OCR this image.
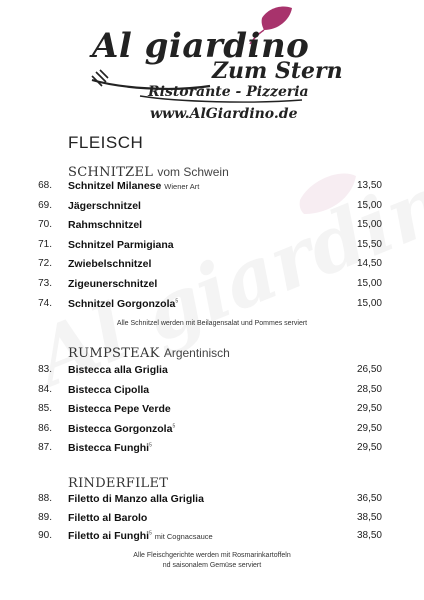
Al giardino
Zum Stern
Ristorante - Pizzeria
www.AlGiardino.de
FLEISCH
SCHNITZEL vom Schwein
68. Schnitzel Milanese Wiener Art	13,50
69. Jägerschnitzel	15,00
70. Rahmschnitzel	15,00
71. Schnitzel Parmigiana	15,50
72. Zwiebelschnitzel	14,50
73. Zigeunerschnitzel	15,00
74. Schnitzel Gorgonzola$^5$	15,00
Alle Schnitzel werden mit Beilagensalat und Pommes serviert
RUMPSTEAK Argentinisch
83. Bistecca alla Griglia	26,50
84. Bistecca Cipolla	28,50
85. Bistecca Pepe Verde	29,50
86. Bistecca Gorgonzola$^5$	29,50
87. Bistecca Funghi$^5$	29,50
RINDERFILET
88. Filetto di Manzo alla Griglia	36,50
89. Filetto al Barolo	38,50
90. Filetto ai Funghi$^5$ mit Cognacsauce	38,50
Alle Fleischgerichte werden mit Rosmarinkartoffeln
nd saisonalem Gemüse serviert
